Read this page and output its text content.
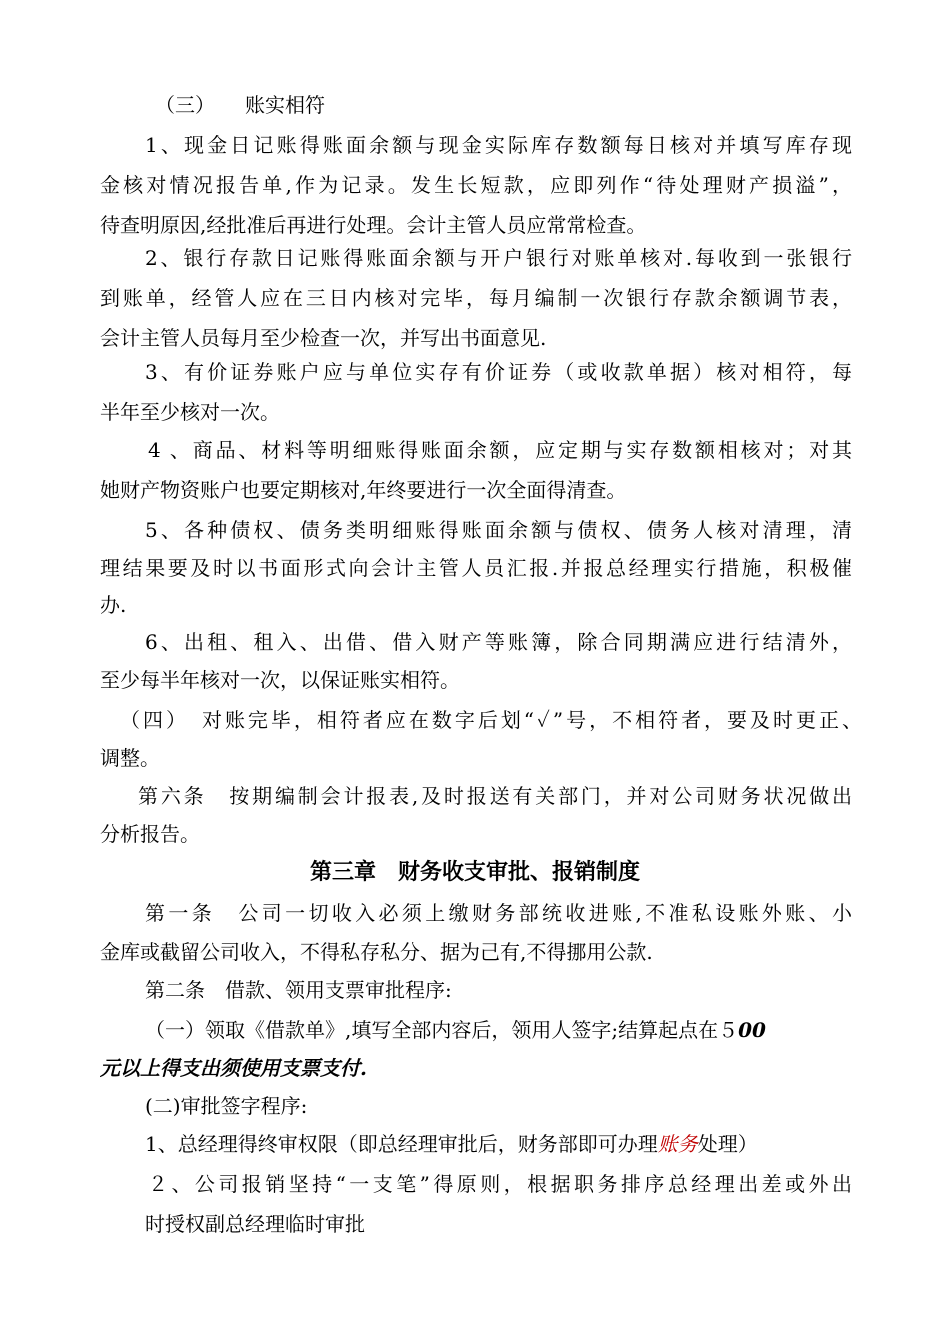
（三）　　账实相符
1、现金日记账得账面余额与现金实际库存数额每日核对并填写库存现
金核对情况报告单,作为记录。发生长短款，应即列作“待处理财产损溢”，
待查明原因,经批准后再进行处理。会计主管人员应常常检查。
2、银行存款日记账得账面余额与开户银行对账单核对.每收到一张银行
到账单，经管人应在三日内核对完毕，每月编制一次银行存款余额调节表，
会计主管人员每月至少检查一次，并写出书面意见.
3、有价证券账户应与单位实存有价证券（或收款单据）核对相符，每
半年至少核对一次。
4 、商品、材料等明细账得账面余额，应定期与实存数额相核对；对其
她财产物资账户也要定期核对,年终要进行一次全面得清查。
5、各种债权、债务类明细账得账面余额与债权、债务人核对清理，清
理结果要及时以书面形式向会计主管人员汇报.并报总经理实行措施，积极催
办.
6、出租、租入、出借、借入财产等账簿，除合同期满应进行结清外，
至少每半年核对一次，以保证账实相符。
（四）　对账完毕，相符者应在数字后划“✓”号，不相符者，要及时更正、
调整。
第六条　按期编制会计报表,及时报送有关部门，并对公司财务状况做出
分析报告。
第三章　财务收支审批、报销制度
第一条　公司一切收入必须上缴财务部统收进账,不准私设账外账、小
金库或截留公司收入，不得私存私分、据为己有,不得挪用公款.
第二条　借款、领用支票审批程序:
（一）领取《借款单》,填写全部内容后，领用人签字;结算起点在５00
元以上得支出须使用支票支付.
(二)审批签字程序:
1、总经理得终审权限（即总经理审批后，财务部即可办理账务处理）
２、公司报销坚持“一支笔”得原则，根据职务排序总经理出差或外出
时授权副总经理临时审批
